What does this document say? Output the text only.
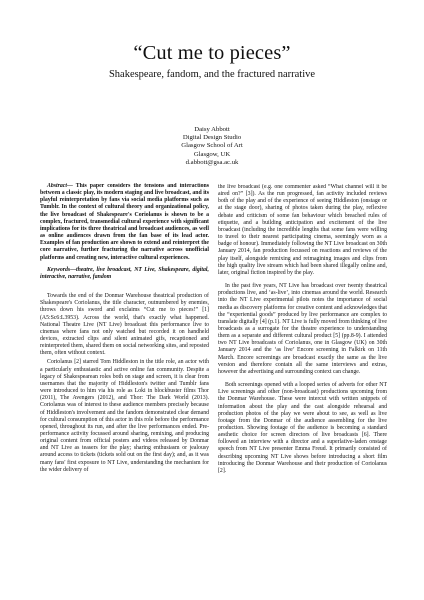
“Cut me to pieces”
Shakespeare, fandom, and the fractured narrative
Daisy Abbott
Digital Design Studio
Glasgow School of Art
Glasgow, UK
d.abbott@gsa.ac.uk
Abstract— This paper considers the tensions and interactions between a classic play, its modern staging and live broadcast, and its playful reinterpretation by fans via social media platforms such as Tumblr. In the context of cultural theory and organizational policy, the live broadcast of Shakespeare's Coriolanus is shown to be a complex, fractured, transmedial cultural experience with significant implications for its three theatrical and broadcast audiences, as well as online audiences drawn from the fan base of its lead actor. Examples of fan production are shown to extend and reinterpret the core narrative, further fracturing the narrative across unofficial platforms and creating new, interactive cultural experiences.
Keywords—theatre, live broadcast, NT Live, Shakespeare, digital, interactive, narrative, fandom

Towards the end of the Donmar Warehouse theatrical production of Shakespeare's Coriolanus, the title character, outnumbered by enemies, throws down his sword and exclaims “Cut me to pieces!” [1] (A5:Sc6:L3953). Across the world, that's exactly what happened. National Theatre Live (NT Live) broadcast this performance live to cinemas where fans not only watched but recorded it on handheld devices, extracted clips and silent animated gifs, recaptioned and reinterpreted them, shared them on social networking sites, and reposted them, often without context.

Coriolanus [2] starred Tom Hiddleston in the title role, an actor with a particularly enthusiastic and active online fan community. Despite a legacy of Shakespearean roles both on stage and screen, it is clear from usernames that the majority of Hiddleston's twitter and Tumblr fans were introduced to him via his role as Loki in blockbuster films Thor (2011), The Avengers (2012), and Thor: The Dark World (2013). Coriolanus was of interest to these audience members precisely because of Hiddleston's involvement and the fandom demonstrated clear demand for cultural consumption of this actor in this role before the performance opened, throughout its run, and after the live performances ended. Pre-performance activity focussed around sharing, remixing, and producing original content from official posters and videos released by Donmar and NT Live as teasers for the play; sharing enthusiasm or jealousy around access to tickets (tickets sold out on the first day); and, as it was many fans' first exposure to NT Live, understanding the mechanism for the wider delivery of

the live broadcast (e.g. one commenter asked “What channel will it be aired on?” [3]). As the run progressed, fan activity included reviews both of the play and of the experience of seeing Hiddleston (onstage or at the stage door), sharing of photos taken during the play, reflexive debate and criticism of some fan behaviour which breached rules of etiquette, and a building anticipation and excitement of the live broadcast (including the incredible lengths that some fans were willing to travel to their nearest participating cinema, seemingly worn as a badge of honour). Immediately following the NT Live broadcast on 30th January 2014, fan production focussed on reactions and reviews of the play itself, alongside remixing and reimagining images and clips from the high quality live stream which had been shared illegally online and, later, original fiction inspired by the play.

In the past five years, NT Live has broadcast over twenty theatrical productions live, and ‘as-live’, into cinemas around the world. Research into the NT Live experimental pilots notes the importance of social media as discovery platforms for creative content and acknowledges that the “experiential goods” produced by live performance are complex to translate digitally [4] (p.1). NT Live is fully moved from thinking of live broadcasts as a surrogate for the theatre experience to understanding them as a separate and different cultural product [5] (pp.8-9). I attended two NT Live broadcasts of Coriolanus, one in Glasgow (UK) on 30th January 2014 and the ‘as live’ Encore screening in Falkirk on 11th March. Encore screenings are broadcast exactly the same as the live version and therefore contain all the same interviews and extras, however the advertising and surrounding context can change.

Both screenings opened with a looped series of adverts for other NT Live screenings and other (non-broadcast) productions upcoming from the Donmar Warehouse. These were intercut with written snippets of information about the play and the cast alongside rehearsal and production photos of the play we were about to see, as well as live footage from the Donmar of the audience assembling for the live production. Showing footage of the audience is becoming a standard aesthetic choice for screen directors of live broadcasts [6]. There followed an interview with a director and a superlative-laden onstage speech from NT Live presenter Emma Freud. It primarily consisted of describing upcoming NT Live shows before introducing a short film introducing the Donmar Warehouse and their production of Coriolanus [2].
